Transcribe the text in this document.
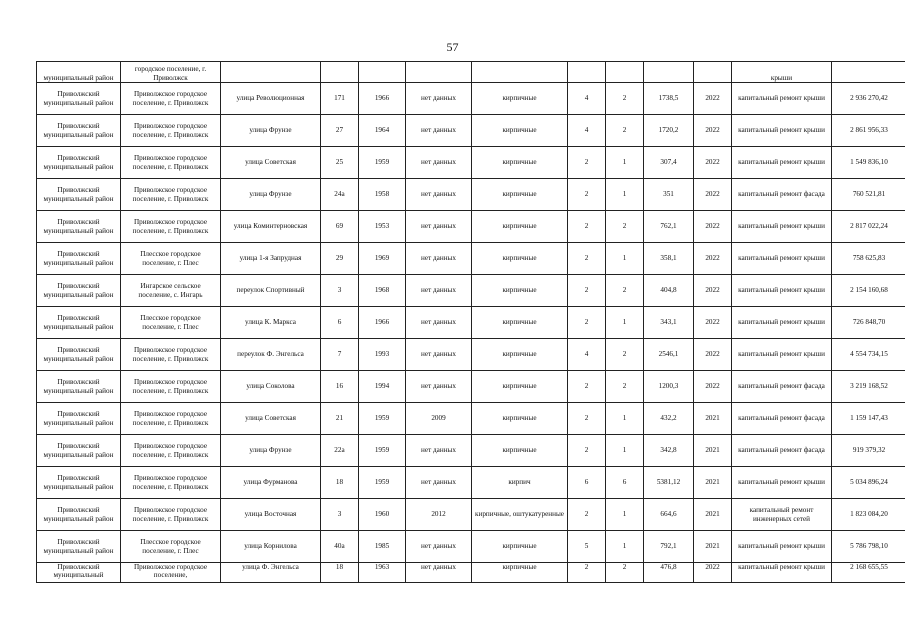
57
муниципальный район	городское поселение, г. Приволжск										крыши	
Приволжский муниципальный район	Приволжское городское поселение, г. Приволжск	улица Революционная	171	1966	нет данных	кирпичные	4	2	1738,5	2022	капитальный ремонт крыши	2 936 270,42
Приволжский муниципальный район	Приволжское городское поселение, г. Приволжск	улица Фрунзе	27	1964	нет данных	кирпичные	4	2	1720,2	2022	капитальный ремонт крыши	2 861 956,33
Приволжский муниципальный район	Приволжское городское поселение, г. Приволжск	улица Советская	25	1959	нет данных	кирпичные	2	1	307,4	2022	капитальный ремонт крыши	1 549 836,10
Приволжский муниципальный район	Приволжское городское поселение, г. Приволжск	улица Фрунзе	24а	1958	нет данных	кирпичные	2	1	351	2022	капитальный ремонт фасада	760 521,81
Приволжский муниципальный район	Приволжское городское поселение, г. Приволжск	улица Коминтерновская	69	1953	нет данных	кирпичные	2	2	762,1	2022	капитальный ремонт крыши	2 817 022,24
Приволжский муниципальный район	Плесское городское поселение, г. Плес	улица 1-я Запрудная	29	1969	нет данных	кирпичные	2	1	358,1	2022	капитальный ремонт крыши	758 625,83
Приволжский муниципальный район	Ингарское сельское поселение, с. Ингарь	переулок Спортивный	3	1968	нет данных	кирпичные	2	2	404,8	2022	капитальный ремонт крыши	2 154 160,68
Приволжский муниципальный район	Плесское городское поселение, г. Плес	улица К. Маркса	6	1966	нет данных	кирпичные	2	1	343,1	2022	капитальный ремонт крыши	726 848,70
Приволжский муниципальный район	Приволжское городское поселение, г. Приволжск	переулок Ф. Энгельса	7	1993	нет данных	кирпичные	4	2	2546,1	2022	капитальный ремонт крыши	4 554 734,15
Приволжский муниципальный район	Приволжское городское поселение, г. Приволжск	улица Соколова	16	1994	нет данных	кирпичные	2	2	1200,3	2022	капитальный ремонт фасада	3 219 168,52
Приволжский муниципальный район	Приволжское городское поселение, г. Приволжск	улица Советская	21	1959	2009	кирпичные	2	1	432,2	2021	капитальный ремонт фасада	1 159 147,43
Приволжский муниципальный район	Приволжское городское поселение, г. Приволжск	улица Фрунзе	22а	1959	нет данных	кирпичные	2	1	342,8	2021	капитальный ремонт фасада	919 379,32
Приволжский муниципальный район	Приволжское городское поселение, г. Приволжск	улица Фурманова	18	1959	нет данных	кирпич	6	6	5381,12	2021	капитальный ремонт крыши	5 034 896,24
Приволжский муниципальный район	Приволжское городское поселение, г. Приволжск	улица Восточная	3	1960	2012	кирпичные, оштукатуренные	2	1	664,6	2021	капитальный ремонт инженерных сетей	1 823 084,20
Приволжский муниципальный район	Плесское городское поселение, г. Плес	улица Корнилова	40а	1985	нет данных	кирпичные	5	1	792,1	2021	капитальный ремонт крыши	5 786 798,10
Приволжский муниципальный	Приволжское городское поселение,	улица Ф. Энгельса	18	1963	нет данных	кирпичные	2	2	476,8	2022	капитальный ремонт крыши	2 168 655,55
